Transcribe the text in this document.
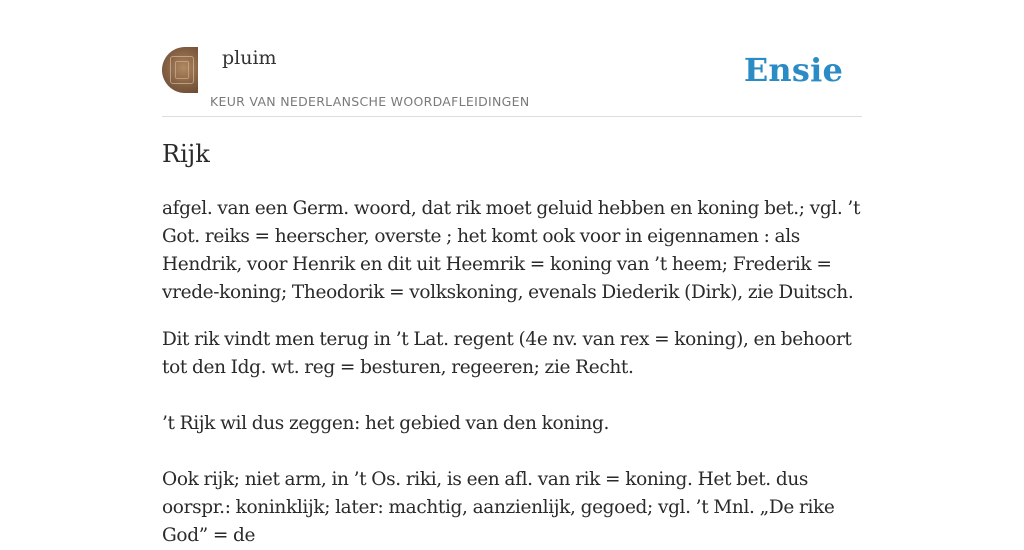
pluim
KEUR VAN NEDERLANSCHE WOORDAFLEIDINGEN
Ensie
Rijk

afgel. van een Germ. woord, dat rik moet geluid hebben en koning bet.; vgl. ’t Got. reiks = heerscher, overste ; het komt ook voor in eigennamen : als Hendrik, voor Henrik en dit uit Heemrik = koning van ’t heem; Frederik = vrede-koning; Theodorik = volkskoning, evenals Diederik (Dirk), zie Duitsch.

Dit rik vindt men terug in ’t Lat. regent (4e nv. van rex = koning), en behoort tot den Idg. wt. reg = besturen, regeeren; zie Recht.

’t Rijk wil dus zeggen: het gebied van den koning.

Ook rijk; niet arm, in ’t Os. riki, is een afl. van rik = koning. Het bet. dus oorspr.: koninklijk; later: machtig, aanzienlijk, gegoed; vgl. ’t Mnl. „De rike God” = de
